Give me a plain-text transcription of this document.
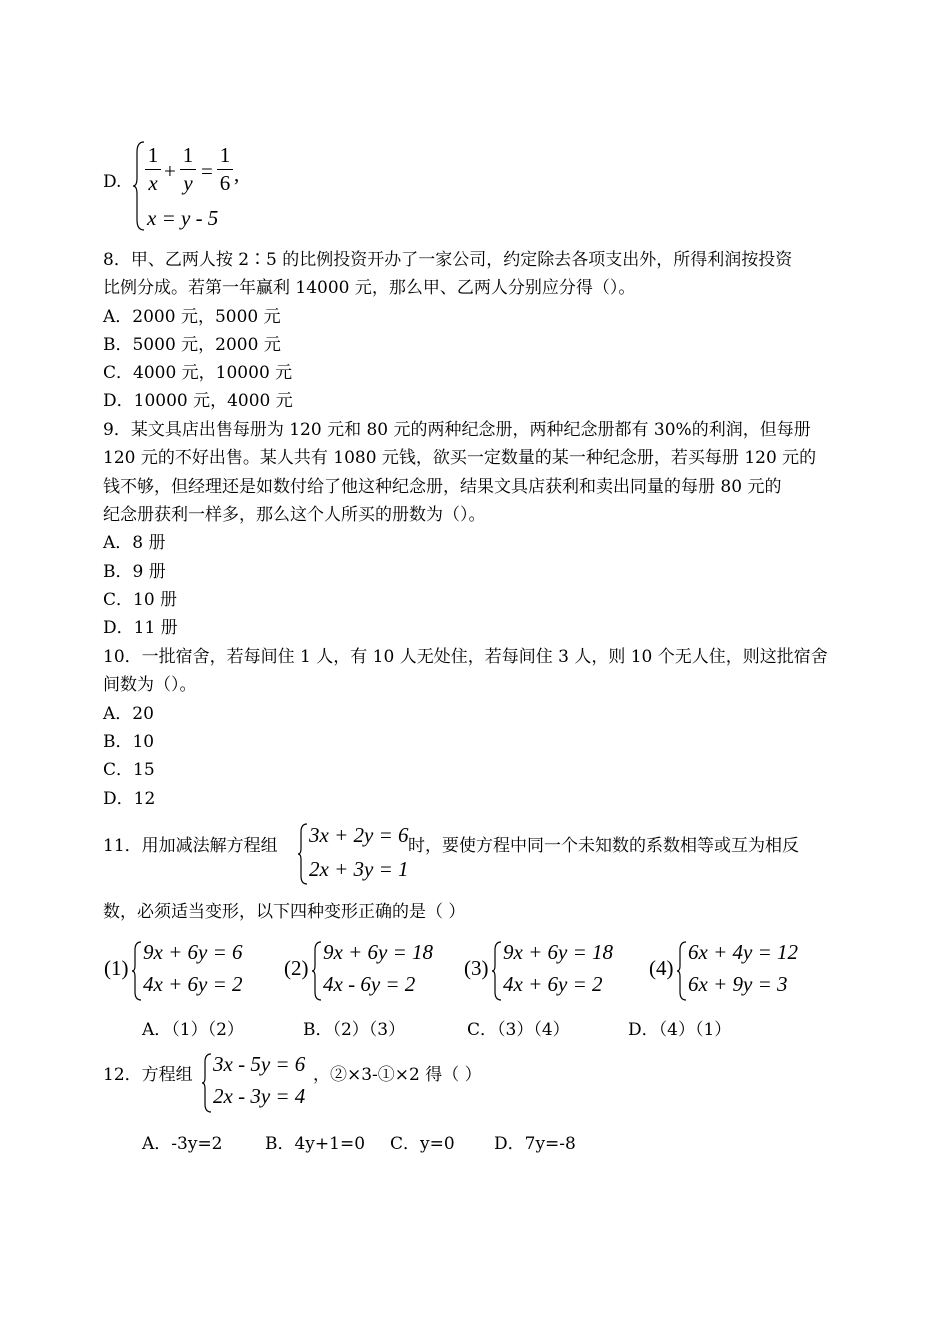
D.
1
x +
1
y =
1
6 ,
x = y - 5
8．甲、乙两人按 2∶5 的比例投资开办了一家公司，约定除去各项支出外，所得利润按投资
比例分成。若第一年赢利 14000 元，那么甲、乙两人分别应分得（）。
A．2000 元，5000 元
B．5000 元，2000 元
C．4000 元，10000 元
D．10000 元，4000 元
9．某文具店出售每册为 120 元和 80 元的两种纪念册，两种纪念册都有 30%的利润，但每册
120 元的不好出售。某人共有 1080 元钱，欲买一定数量的某一种纪念册，若买每册 120 元的
钱不够，但经理还是如数付给了他这种纪念册，结果文具店获利和卖出同量的每册 80 元的
纪念册获利一样多，那么这个人所买的册数为（）。
A．8 册
B．9 册
C．10 册
D．11 册
10．一批宿舍，若每间住 1 人，有 10 人无处住，若每间住 3 人，则 10 个无人住，则这批宿舍
间数为（）。
A．20
B．10
C．15
D．12
11．用加减法解方程组 3x + 2y = 6
2x + 3y = 1
时，要使方程中同一个未知数的系数相等或互为相反
数，必须适当变形，以下四种变形正确的是（ ）
(1)
9x + 6y = 6
4x + 6y = 2
(2)
9x + 6y = 18
4x - 6y = 2
(3)
9x + 6y = 18
4x + 6y = 2
(4)
6x + 4y = 12
6x + 9y = 3
A．（1）（2）	B．（2）（3）	C．（3）（4）	D．（4）（1）
12．方程组 3x - 5y = 6
2x - 3y = 4
，②×3-①×2 得（ ）
A．-3y=2 B．4y+1=0 C．y=0 D．7y=-8
